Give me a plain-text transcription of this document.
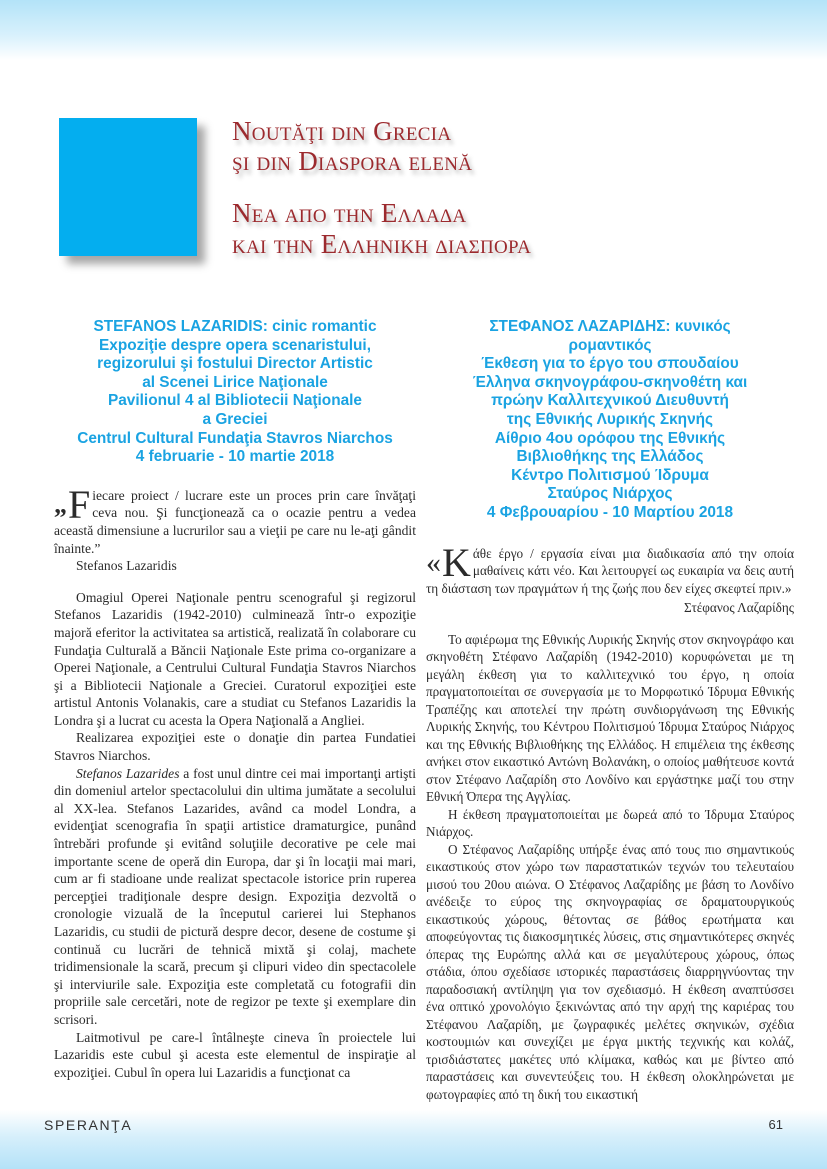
Noutăţi din Grecia
şi din Diaspora elenă
Νεα απο την Ελλαδα
και την Ελληνικη διασπορα
STEFANOS LAZARIDIS: cinic romantic
Expoziţie despre opera scenaristului,
regizorului şi fostului Director Artistic
al Scenei Lirice Naţionale
Pavilionul 4 al Bibliotecii Naţionale
a Greciei
Centrul Cultural Fundaţia Stavros Niarchos
4 februarie - 10 martie 2018

„ F iecare proiect / lucrare este un proces prin care învăţaţi ceva nou. Şi funcţionează ca o ocazie pentru a vedea această dimensiune a lucrurilor sau a vieţii pe care nu le-aţi gândit înainte.”

Stefanos Lazaridis

Omagiul Operei Naţionale pentru scenograful şi regizorul Stefanos Lazaridis (1942-2010) culminează într-o expoziţie majoră eferitor la activitatea sa artistică, realizată în colaborare cu Fundaţia Culturală a Băncii Naţionale Este prima co-organizare a Operei Naţionale, a Centrului Cultural Fundaţia Stavros Niarchos şi a Bibliotecii Naţionale a Greciei. Curatorul expoziţiei este artistul Antonis Volanakis, care a studiat cu Stefanos Lazaridis la Londra şi a lucrat cu acesta la Opera Naţională a Angliei.

Realizarea expoziţiei este o donaţie din partea Fundatiei Stavros Niarchos.

Stefanos Lazarides a fost unul dintre cei mai importanţi artişti din domeniul artelor spectacolului din ultima jumătate a secolului al XX-lea. Stefanos Lazarides, având ca model Londra, a evidenţiat scenografia în spaţii artistice dramaturgice, punând întrebări profunde şi evitând soluţiile decorative pe cele mai importante scene de operă din Europa, dar şi în locaţii mai mari, cum ar fi stadioane unde realizat spectacole istorice prin ruperea percepţiei tradiţionale despre design. Expoziţia dezvoltă o cronologie vizuală de la începutul carierei lui Stephanos Lazaridis, cu studii de pictură despre decor, desene de costume şi continuă cu lucrări de tehnică mixtă şi colaj, machete tridimensionale la scară, precum şi clipuri video din spectacolele şi interviurile sale. Expoziţia este completată cu fotografii din propriile sale cercetări, note de regizor pe texte şi exemplare din scrisori.

Laitmotivul pe care-l întâlneşte cineva în proiectele lui Lazaridis este cubul şi acesta este elementul de inspiraţie al expoziţiei. Cubul în opera lui Lazaridis a funcţionat ca

ΣΤΕΦΑΝΟΣ ΛΑΖΑΡΙΔΗΣ: κυνικός
ρομαντικός
Έκθεση για το έργο του σπουδαίου
Έλληνα σκηνογράφου-σκηνοθέτη και
πρώην Καλλιτεχνικού Διευθυντή
της Εθνικής Λυρικής Σκηνής
Αίθριο 4ου ορόφου της Εθνικής
Βιβλιοθήκης της Ελλάδος
Κέντρο Πολιτισμού Ίδρυμα
Σταύρος Νιάρχος
4 Φεβρουαρίου - 10 Μαρτίου 2018

« Κ άθε έργο / εργασία είναι μια διαδικασία από την οποία μαθαίνεις κάτι νέο. Και λειτουργεί ως ευκαιρία να δεις αυτή τη διάσταση των πραγμάτων ή της ζωής που δεν είχες σκεφτεί πριν.»

Στέφανος Λαζαρίδης

Το αφιέρωμα της Εθνικής Λυρικής Σκηνής στον σκηνογράφο και σκηνοθέτη Στέφανο Λαζαρίδη (1942-2010) κορυφώνεται με τη μεγάλη έκθεση για το καλλιτεχνικό του έργο, η οποία πραγματοποιείται σε συνεργασία με το Μορφωτικό Ίδρυμα Εθνικής Τραπέζης και αποτελεί την πρώτη συνδιοργάνωση της Εθνικής Λυρικής Σκηνής, του Κέντρου Πολιτισμού Ίδρυμα Σταύρος Νιάρχος και της Εθνικής Βιβλιοθήκης της Ελλάδος. Η επιμέλεια της έκθεσης ανήκει στον εικαστικό Αντώνη Βολανάκη, ο οποίος μαθήτευσε κοντά στον Στέφανο Λαζαρίδη στο Λονδίνο και εργάστηκε μαζί του στην Εθνική Όπερα της Αγγλίας.

Η έκθεση πραγματοποιείται με δωρεά από το Ίδρυμα Σταύρος Νιάρχος.

Ο Στέφανος Λαζαρίδης υπήρξε ένας από τους πιο σημαντικούς εικαστικούς στον χώρο των παραστατικών τεχνών του τελευταίου μισού του 20ου αιώνα. Ο Στέφανος Λαζαρίδης με βάση το Λονδίνο ανέδειξε το εύρος της σκηνογραφίας σε δραματουργικούς εικαστικούς χώρους, θέτοντας σε βάθος ερωτήματα και αποφεύγοντας τις διακοσμητικές λύσεις, στις σημαντικότερες σκηνές όπερας της Ευρώπης αλλά και σε μεγαλύτερους χώρους, όπως στάδια, όπου σχεδίασε ιστορικές παραστάσεις διαρρηγνύοντας την παραδοσιακή αντίληψη για τον σχεδιασμό. Η έκθεση αναπτύσσει ένα οπτικό χρονολόγιο ξεκινώντας από την αρχή της καριέρας του Στέφανου Λαζαρίδη, με ζωγραφικές μελέτες σκηνικών, σχέδια κοστουμιών και συνεχίζει με έργα μικτής τεχνικής και κολάζ, τρισδιάστατες μακέτες υπό κλίμακα, καθώς και με βίντεο από παραστάσεις και συνεντεύξεις του. Η έκθεση ολοκληρώνεται με φωτογραφίες από τη δική του εικαστική

SPERANŢA	61
